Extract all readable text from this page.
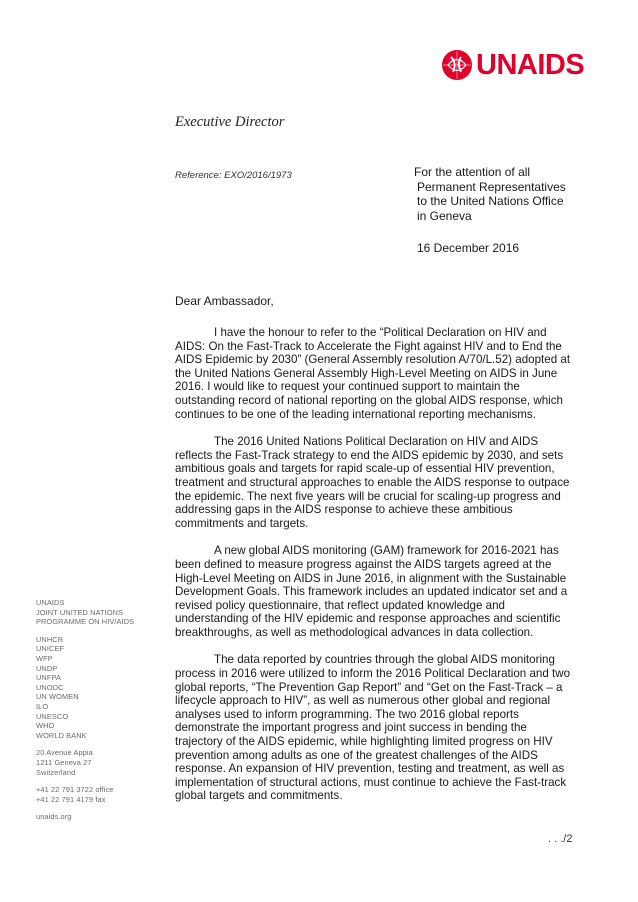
UNAIDS
Executive Director
Reference: EXO/2016/1973	For the attention of all
Permanent Representatives
to the United Nations Office
in Geneva
16 December 2016
Dear Ambassador,

I have the honour to refer to the “Political Declaration on HIV and AIDS: On the Fast-Track to Accelerate the Fight against HIV and to End the AIDS Epidemic by 2030” (General Assembly resolution A/70/L.52) adopted at the United Nations General Assembly High-Level Meeting on AIDS in June 2016. I would like to request your continued support to maintain the outstanding record of national reporting on the global AIDS response, which continues to be one of the leading international reporting mechanisms.

The 2016 United Nations Political Declaration on HIV and AIDS reflects the Fast-Track strategy to end the AIDS epidemic by 2030, and sets ambitious goals and targets for rapid scale-up of essential HIV prevention, treatment and structural approaches to enable the AIDS response to outpace the epidemic. The next five years will be crucial for scaling-up progress and addressing gaps in the AIDS response to achieve these ambitious commitments and targets.

A new global AIDS monitoring (GAM) framework for 2016-2021 has been defined to measure progress against the AIDS targets agreed at the High-Level Meeting on AIDS in June 2016, in alignment with the Sustainable Development Goals. This framework includes an updated indicator set and a revised policy questionnaire, that reflect updated knowledge and understanding of the HIV epidemic and response approaches and scientific breakthroughs, as well as methodological advances in data collection.

The data reported by countries through the global AIDS monitoring process in 2016 were utilized to inform the 2016 Political Declaration and two global reports, “The Prevention Gap Report” and “Get on the Fast-Track – a lifecycle approach to HIV”, as well as numerous other global and regional analyses used to inform programming. The two 2016 global reports demonstrate the important progress and joint success in bending the trajectory of the AIDS epidemic, while highlighting limited progress on HIV prevention among adults as one of the greatest challenges of the AIDS response. An expansion of HIV prevention, testing and treatment, as well as implementation of structural actions, must continue to achieve the Fast-track global targets and commitments.

UNAIDS
JOINT UNITED NATIONS
PROGRAMME ON HIV/AIDS
UNHCR
UNICEF
WFP
UNDP
UNFPA
UNODC
UN WOMEN
ILO
UNESCO
WHO
WORLD BANK
20 Avenue Appia
1211 Geneva 27
Switzerland
+41 22 791 3722 office
+41 22 791 4179 fax
unaids.org
. . ./2
